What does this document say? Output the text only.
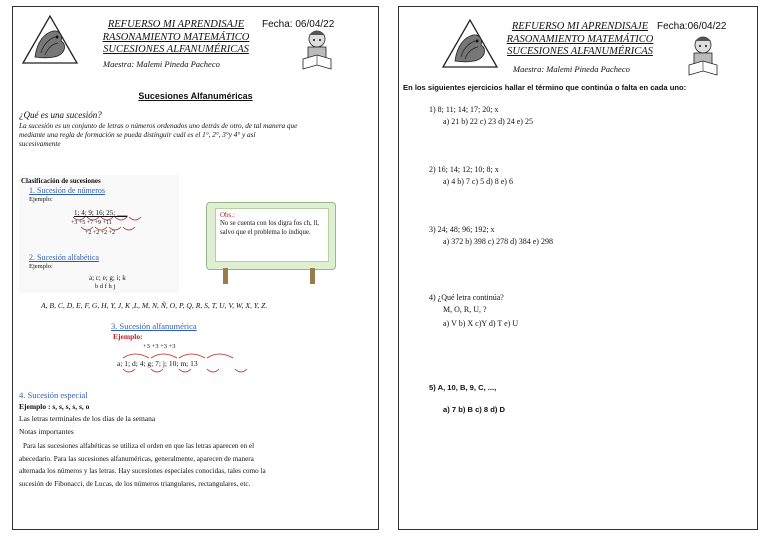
REFUERSO MI APRENDISAJE
RASONAMIENTO MATEMÁTICO
SUCESIONES ALFANUMÉRICAS
Fecha: 06/04/22
Maestra: Malemi Pineda Pacheco
Sucesiones Alfanuméricas
¿Qué es una sucesión?
La sucesión es un conjunto de letras o números ordenados uno detrás de otro, de tal manera que
mediante una regla de formación se pueda distinguir cuál es el 1°, 2°, 3°y 4° y así
sucesivamente
Clasificación de sucesiones
1. Sucesión de números
Ejemplo:
1; 4; 9; 16; 25; ___
+3 +5 +7 +9 +11
+2 +2 +2 +2
2. Sucesión alfabética
Ejemplo:
a; c; e; g; i; k
b d f h j
Obs.:
No se cuenta con los digra fos ch, ll, salvo que el problema lo indique.
A, B, C, D, E, F, G, H, Y, J, K ,L, M, N, Ñ, O, P, Q, R, S, T, U, V, W, X, Y, Z.
3. Sucesión alfanumérica
Ejemplo:
+3 +3 +3 +3
a; 1; d; 4; g; 7; j; 10; m; 13
4. Sucesión especial
Ejemplo : s, s, s, s, s, o
Las letras terminales de los días de la semana
Notas importantes
Para las sucesiones alfabéticas se utiliza el orden en que las letras aparecen en el
abecedario. Para las sucesiones alfanuméricas, generalmente, aparecen de manera
alternada los números y las letras. Hay sucesiones especiales conocidas, tales como la
sucesión de Fibonacci, de Lucas, de los números triangulares, rectangulares, etc.
REFUERSO MI APRENDISAJE
RASONAMIENTO MATEMÁTICO
SUCESIONES ALFANUMÉRICAS
Fecha:06/04/22
Maestra: Malemi Pineda Pacheco
En los siguientes ejercicios hallar el término que continúa o falta en cada uno:
1) 8; 11; 14; 17; 20; x
a) 21 b) 22 c) 23 d) 24 e) 25
2) 16; 14; 12; 10; 8; x
a) 4 b) 7 c) 5 d) 8 e) 6
3) 24; 48; 96; 192; x
a) 372 b) 398 c) 278 d) 384 e) 298
4) ¿Qué letra continúa?
M, O, R, U, ?
a) V b) X c)Y d) T e) U
5) A, 10, B, 9, C, ...,
a) 7 b) B c) 8 d) D
